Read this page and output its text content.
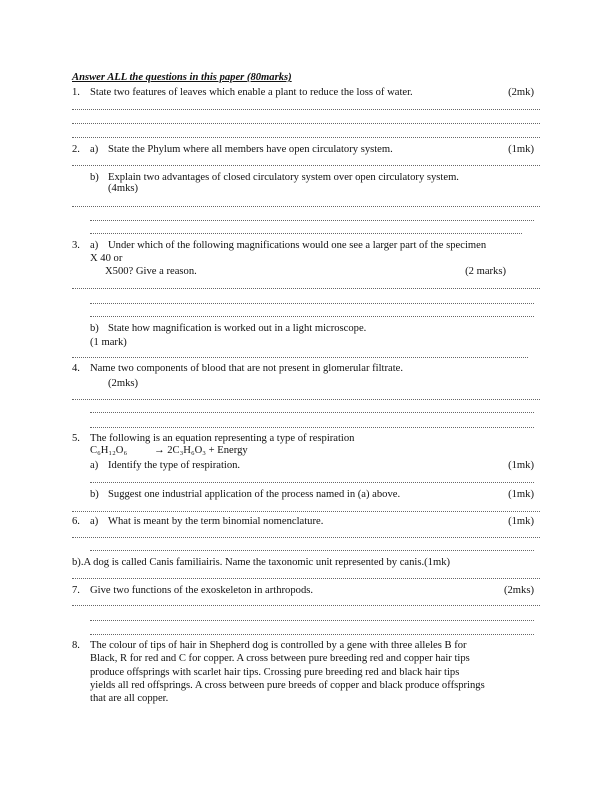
Answer ALL the questions in this paper (80marks)
1. State two features of leaves which enable a plant to reduce the loss of water.	(2mk)
2. a) State the Phylum where all members have open circulatory system.	(1mk)
b) Explain two advantages of closed circulatory system over open circulatory system.
(4mks)
3. a) Under which of the following magnifications would one see a larger part of the specimen
X 40 or
X500? Give a reason.	(2 marks)
b) State how magnification is worked out in a light microscope.
(1 mark)
4. Name two components of blood that are not present in glomerular filtrate.
(2mks)
5. The following is an equation representing a type of respiration
C₆H₁₂O₆	→ 2C₃H₆O₃ + Energy
a) Identify the type of respiration.	(1mk)
b) Suggest one industrial application of the process named in (a) above.	(1mk)
6. a) What is meant by the term binomial nomenclature.	(1mk)
b).A dog is called Canis familiairis. Name the taxonomic unit represented by canis.(1mk)
7. Give two functions of the exoskeleton in arthropods.	(2mks)
8. The colour of tips of hair in Shepherd dog is controlled by a gene with three alleles B for
Black, R for red and C for copper. A cross between pure breeding red and copper hair tips
produce offsprings with scarlet hair tips. Crossing pure breeding red and black hair tips
yields all red offsprings. A cross between pure breeds of copper and black produce offsprings
that are all copper.
